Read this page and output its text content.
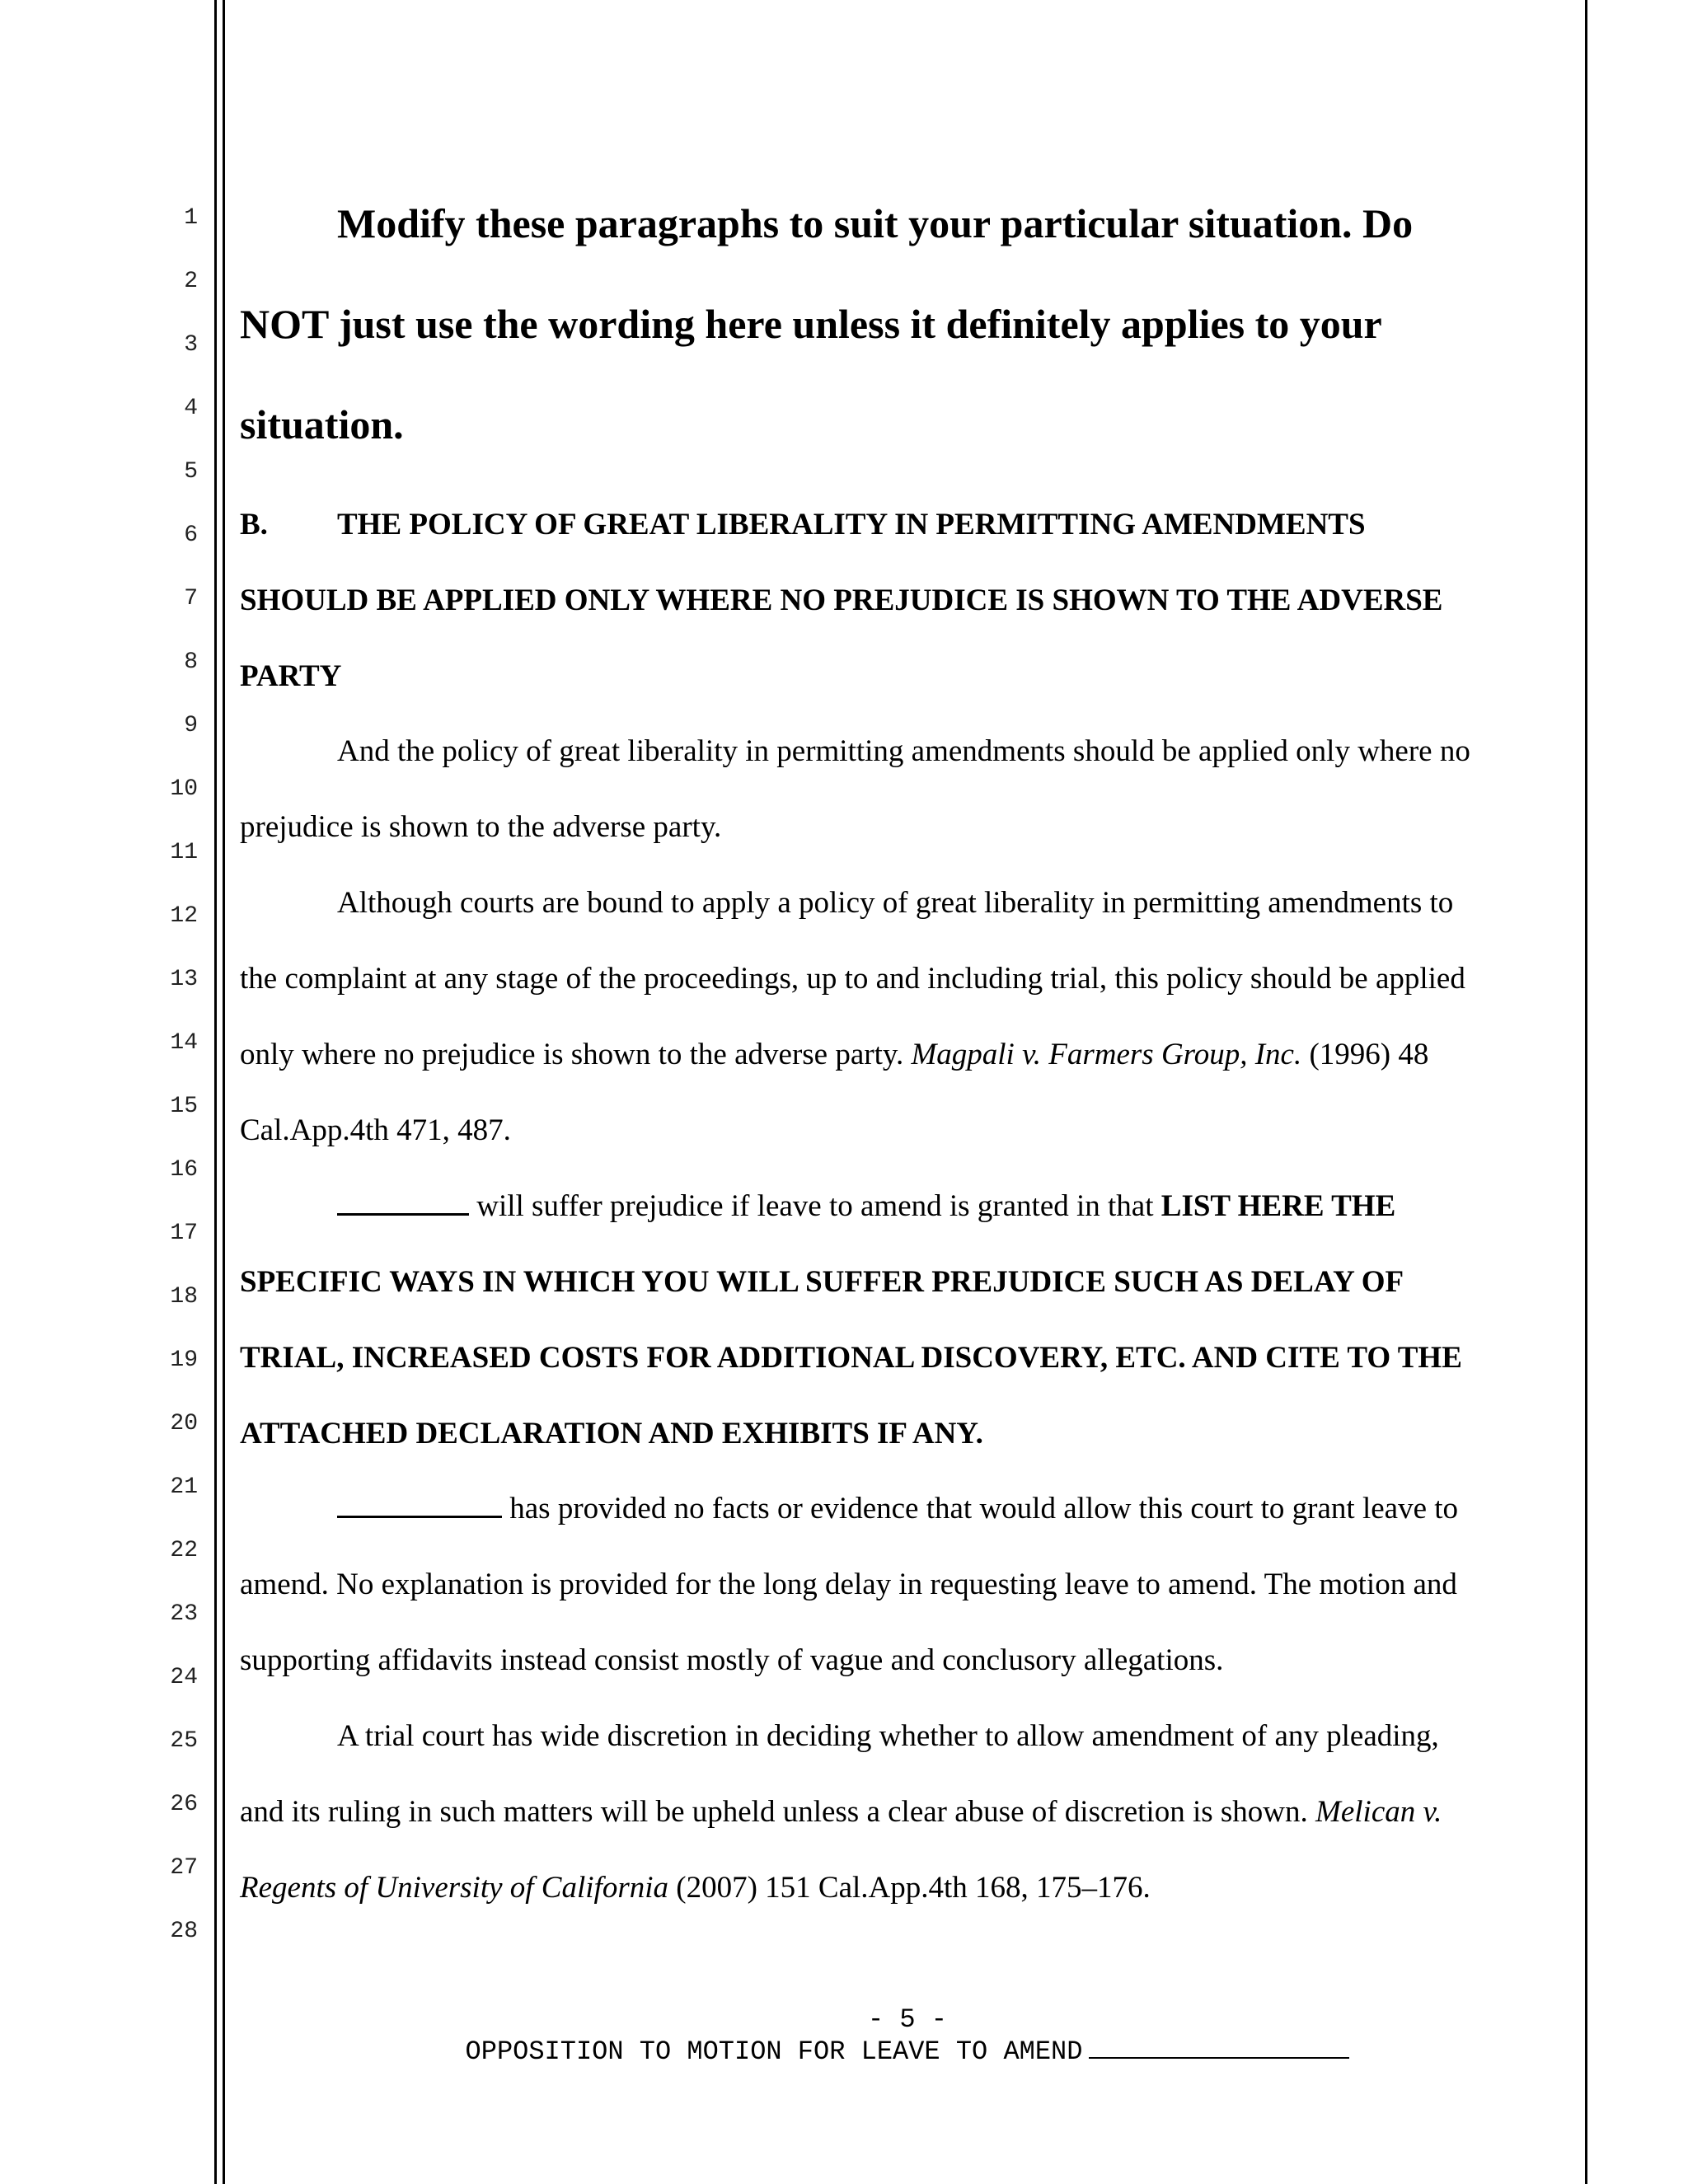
1
2
3
4
5
6
7
8
9
10
11
12
13
14
15
16
17
18
19
20
21
22
23
24
25
26
27
28
Modify these paragraphs to suit your particular situation. Do
NOT just use the wording here unless it definitely applies to your
situation.
B. THE POLICY OF GREAT LIBERALITY IN PERMITTING AMENDMENTS
SHOULD BE APPLIED ONLY WHERE NO PREJUDICE IS SHOWN TO THE ADVERSE
PARTY
And the policy of great liberality in permitting amendments should be applied only where no
prejudice is shown to the adverse party.
Although courts are bound to apply a policy of great liberality in permitting amendments to
the complaint at any stage of the proceedings, up to and including trial, this policy should be applied
only where no prejudice is shown to the adverse party. Magpali v. Farmers Group, Inc. (1996) 48
Cal.App.4th 471, 487.
will suffer prejudice if leave to amend is granted in that LIST HERE THE
SPECIFIC WAYS IN WHICH YOU WILL SUFFER PREJUDICE SUCH AS DELAY OF
TRIAL, INCREASED COSTS FOR ADDITIONAL DISCOVERY, ETC. AND CITE TO THE
ATTACHED DECLARATION AND EXHIBITS IF ANY.
has provided no facts or evidence that would allow this court to grant leave to
amend. No explanation is provided for the long delay in requesting leave to amend. The motion and
supporting affidavits instead consist mostly of vague and conclusory allegations.
A trial court has wide discretion in deciding whether to allow amendment of any pleading,
and its ruling in such matters will be upheld unless a clear abuse of discretion is shown. Melican v.
Regents of University of California (2007) 151 Cal.App.4th 168, 175–176.
- 5 -
OPPOSITION TO MOTION FOR LEAVE TO AMEND
